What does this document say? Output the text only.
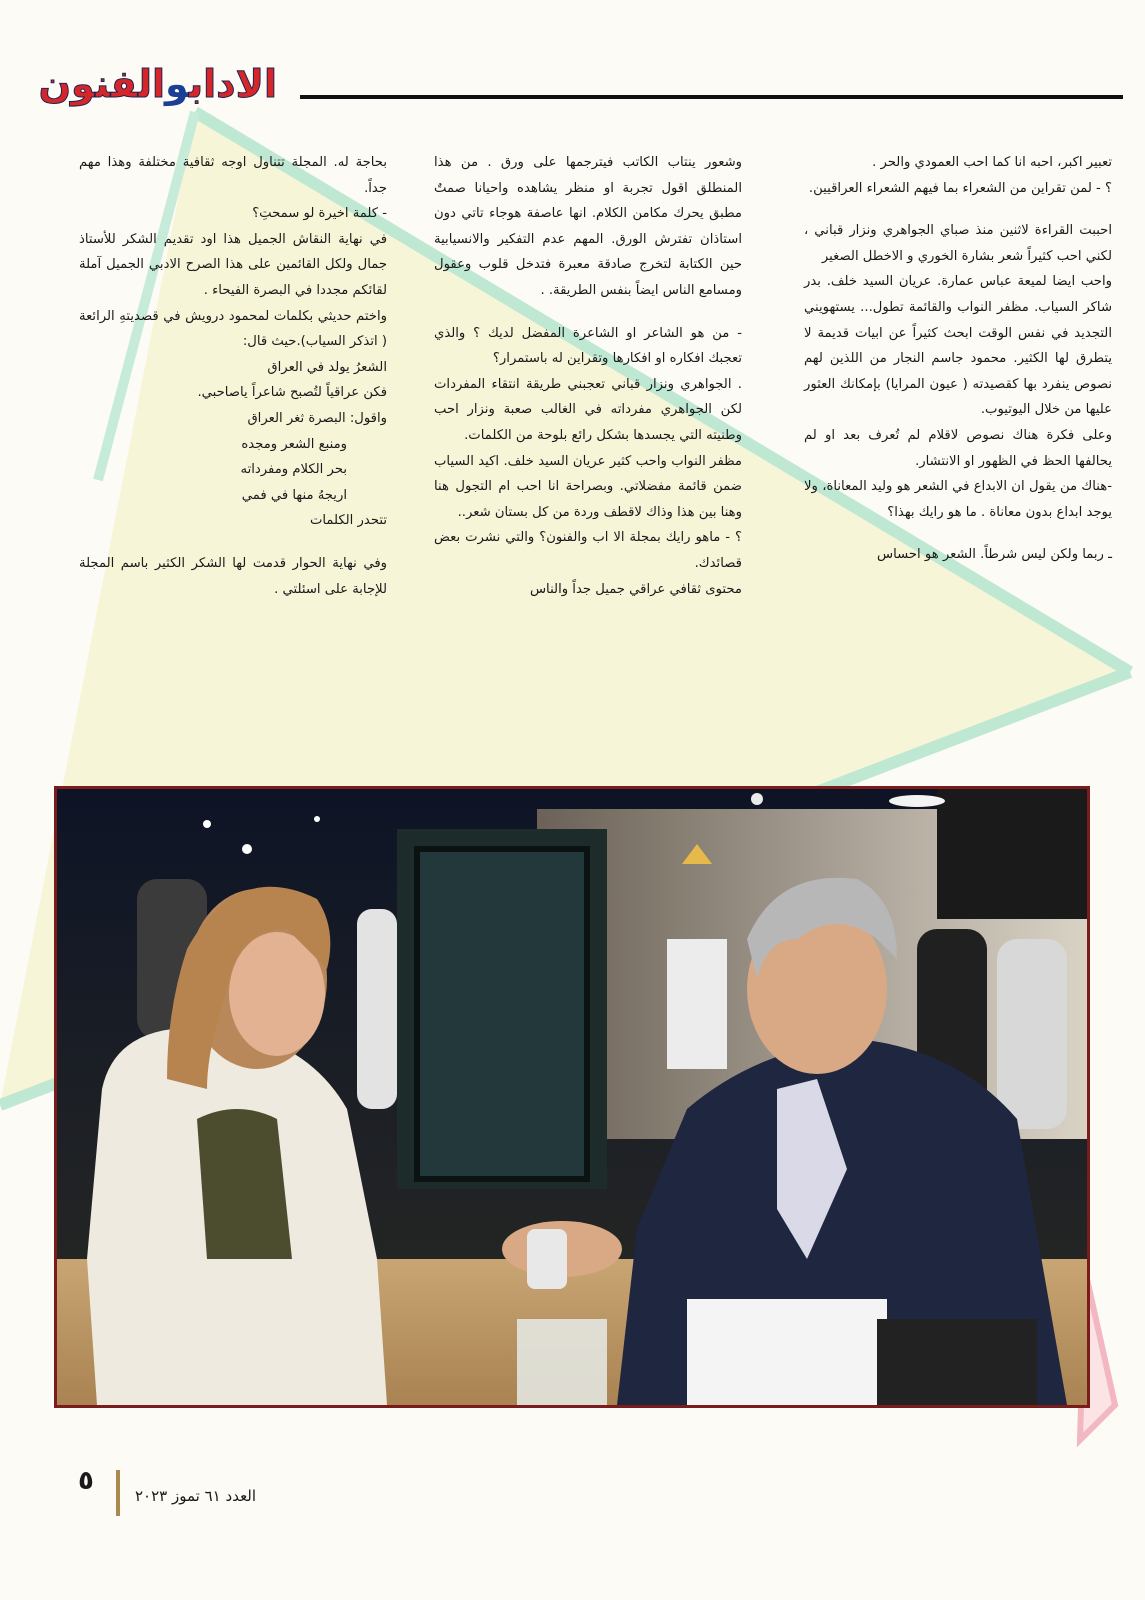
الادابوالفنون

تعبير اكبر، احبه انا كما احب العمودي والحر .

؟ - لمن تقراين من الشعراء بما فيهم الشعراء العراقيين.

احببت القراءة لاثنين منذ صباي الجواهري ونزار قباني ، لكني احب كثيراً شعر بشارة الخوري و الاخطل الصغير

واحب ايضا لميعة عباس عمارة. عريان السيد خلف. بدر شاكر السياب. مظفر النواب والقائمة تطول... يستهويني التجديد في نفس الوقت ابحث كثيراً عن ابيات قديمة لا يتطرق لها الكثير. محمود جاسم النجار من اللذين لهم نصوص ينفرد بها كقصيدته ( عيون المرايا) بإمكانك العثور عليها من خلال اليوتيوب.

وعلى فكرة هناك نصوص لاقلام لم تُعرف بعد او لم يحالفها الحظ في الظهور او الانتشار.

-هناك من يقول ان الابداع في الشعر هو وليد المعاناة، ولا يوجد ابداع بدون معاناة . ما هو رايك بهذا؟

ـ ربما ولكن ليس شرطاً. الشعر هو احساس

وشعور ينتاب الكاتب فيترجمها على ورق . من هذا المنطلق اقول تجربة او منظر يشاهده واحيانا صمتٌ مطبق يحرك مكامن الكلام. انها عاصفة هوجاء تاتي دون استاذان تفترش الورق. المهم عدم التفكير والانسيابية حين الكتابة لتخرج صادقة معبرة فتدخل قلوب وعقول ومسامع الناس ايضاً بنفس الطريقة. .

- من هو الشاعر او الشاعرة المفضل لديك ؟ والذي تعجبك افكاره او افكارها وتقراين له باستمرار؟

. الجواهري ونزار قباني تعجبني طريقة انتقاء المفردات لكن الجواهري مفرداته في الغالب صعبة ونزار احب وطنيته التي يجسدها بشكل رائع بلوحة من الكلمات.

مظفر النواب واحب كثير عريان السيد خلف. اكيد السياب ضمن قائمة مفضلاتي. وبصراحة انا احب ام التجول هنا وهنا بين هذا وذاك لاقطف وردة من كل بستان شعر..

؟ - ماهو رايك بمجلة الا اب والفنون؟ والتي نشرت بعض قصائدك.

محتوى ثقافي عراقي جميل جداً والناس

بحاجة له. المجلة تتناول اوجه ثقافية مختلفة وهذا مهم جداً.

- كلمة اخيرة لو سمحتِ؟

في نهاية النقاش الجميل هذا اود تقديم الشكر للأستاذ جمال ولكل القائمين على هذا الصرح الادبي الجميل آملة لقائكم مجددا في البصرة الفيحاء .

واختم حديثي بكلمات لمحمود درويش في قصديتهِ الرائعة ( اتذكر السياب).حيث قال:

الشعرُ يولد في العراق

فكن عراقياً لتُصبح شاعراً ياصاحبي.

واقول: البصرة ثغر العراق

ومنبع الشعر ومجده

بحر الكلام ومفرداته

اريجهُ منها في فمي

تتحدر الكلمات

وفي نهاية الحوار قدمت لها الشكر الكثير باسم المجلة للإجابة على اسئلتي .

٥	العدد ٦١ تموز ٢٠٢٣
